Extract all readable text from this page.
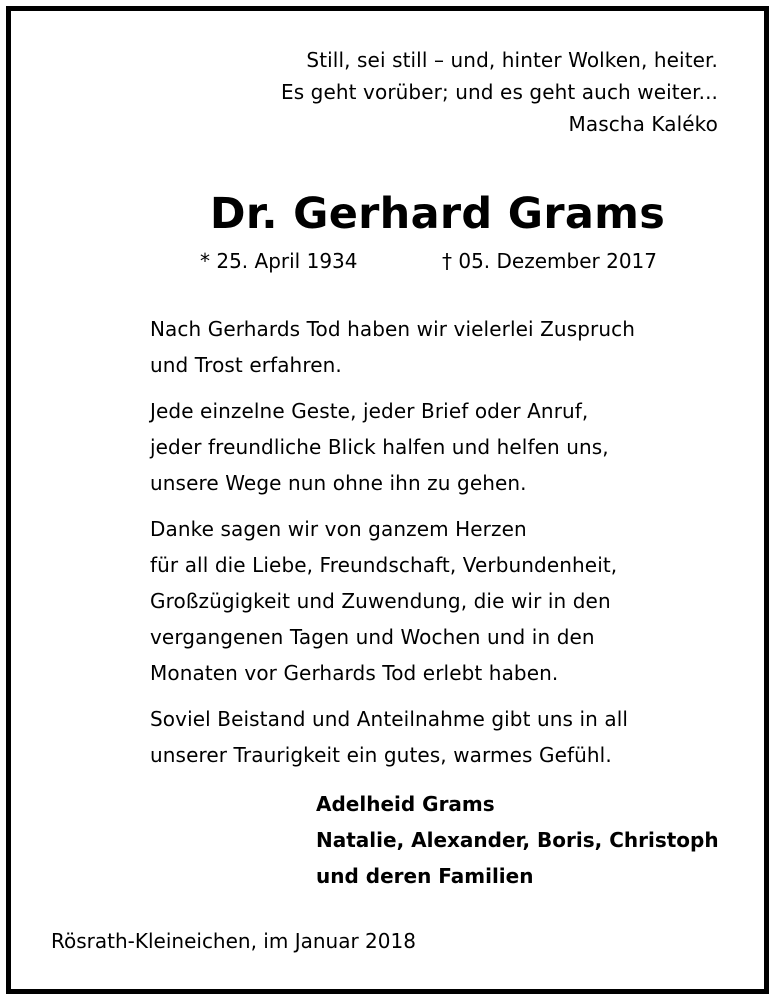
Still, sei still – und, hinter Wolken, heiter.
Es geht vorüber; und es geht auch weiter...
Mascha Kaléko
Dr. Gerhard Grams
* 25. April 1934	† 05. Dezember 2017
Nach Gerhards Tod haben wir vielerlei Zuspruch
und Trost erfahren.
Jede einzelne Geste, jeder Brief oder Anruf,
jeder freundliche Blick halfen und helfen uns,
unsere Wege nun ohne ihn zu gehen.
Danke sagen wir von ganzem Herzen
für all die Liebe, Freundschaft, Verbundenheit,
Großzügigkeit und Zuwendung, die wir in den
vergangenen Tagen und Wochen und in den
Monaten vor Gerhards Tod erlebt haben.
Soviel Beistand und Anteilnahme gibt uns in all
unserer Traurigkeit ein gutes, warmes Gefühl.
Adelheid Grams
Natalie, Alexander, Boris, Christoph
und deren Familien
Rösrath-Kleineichen, im Januar 2018
